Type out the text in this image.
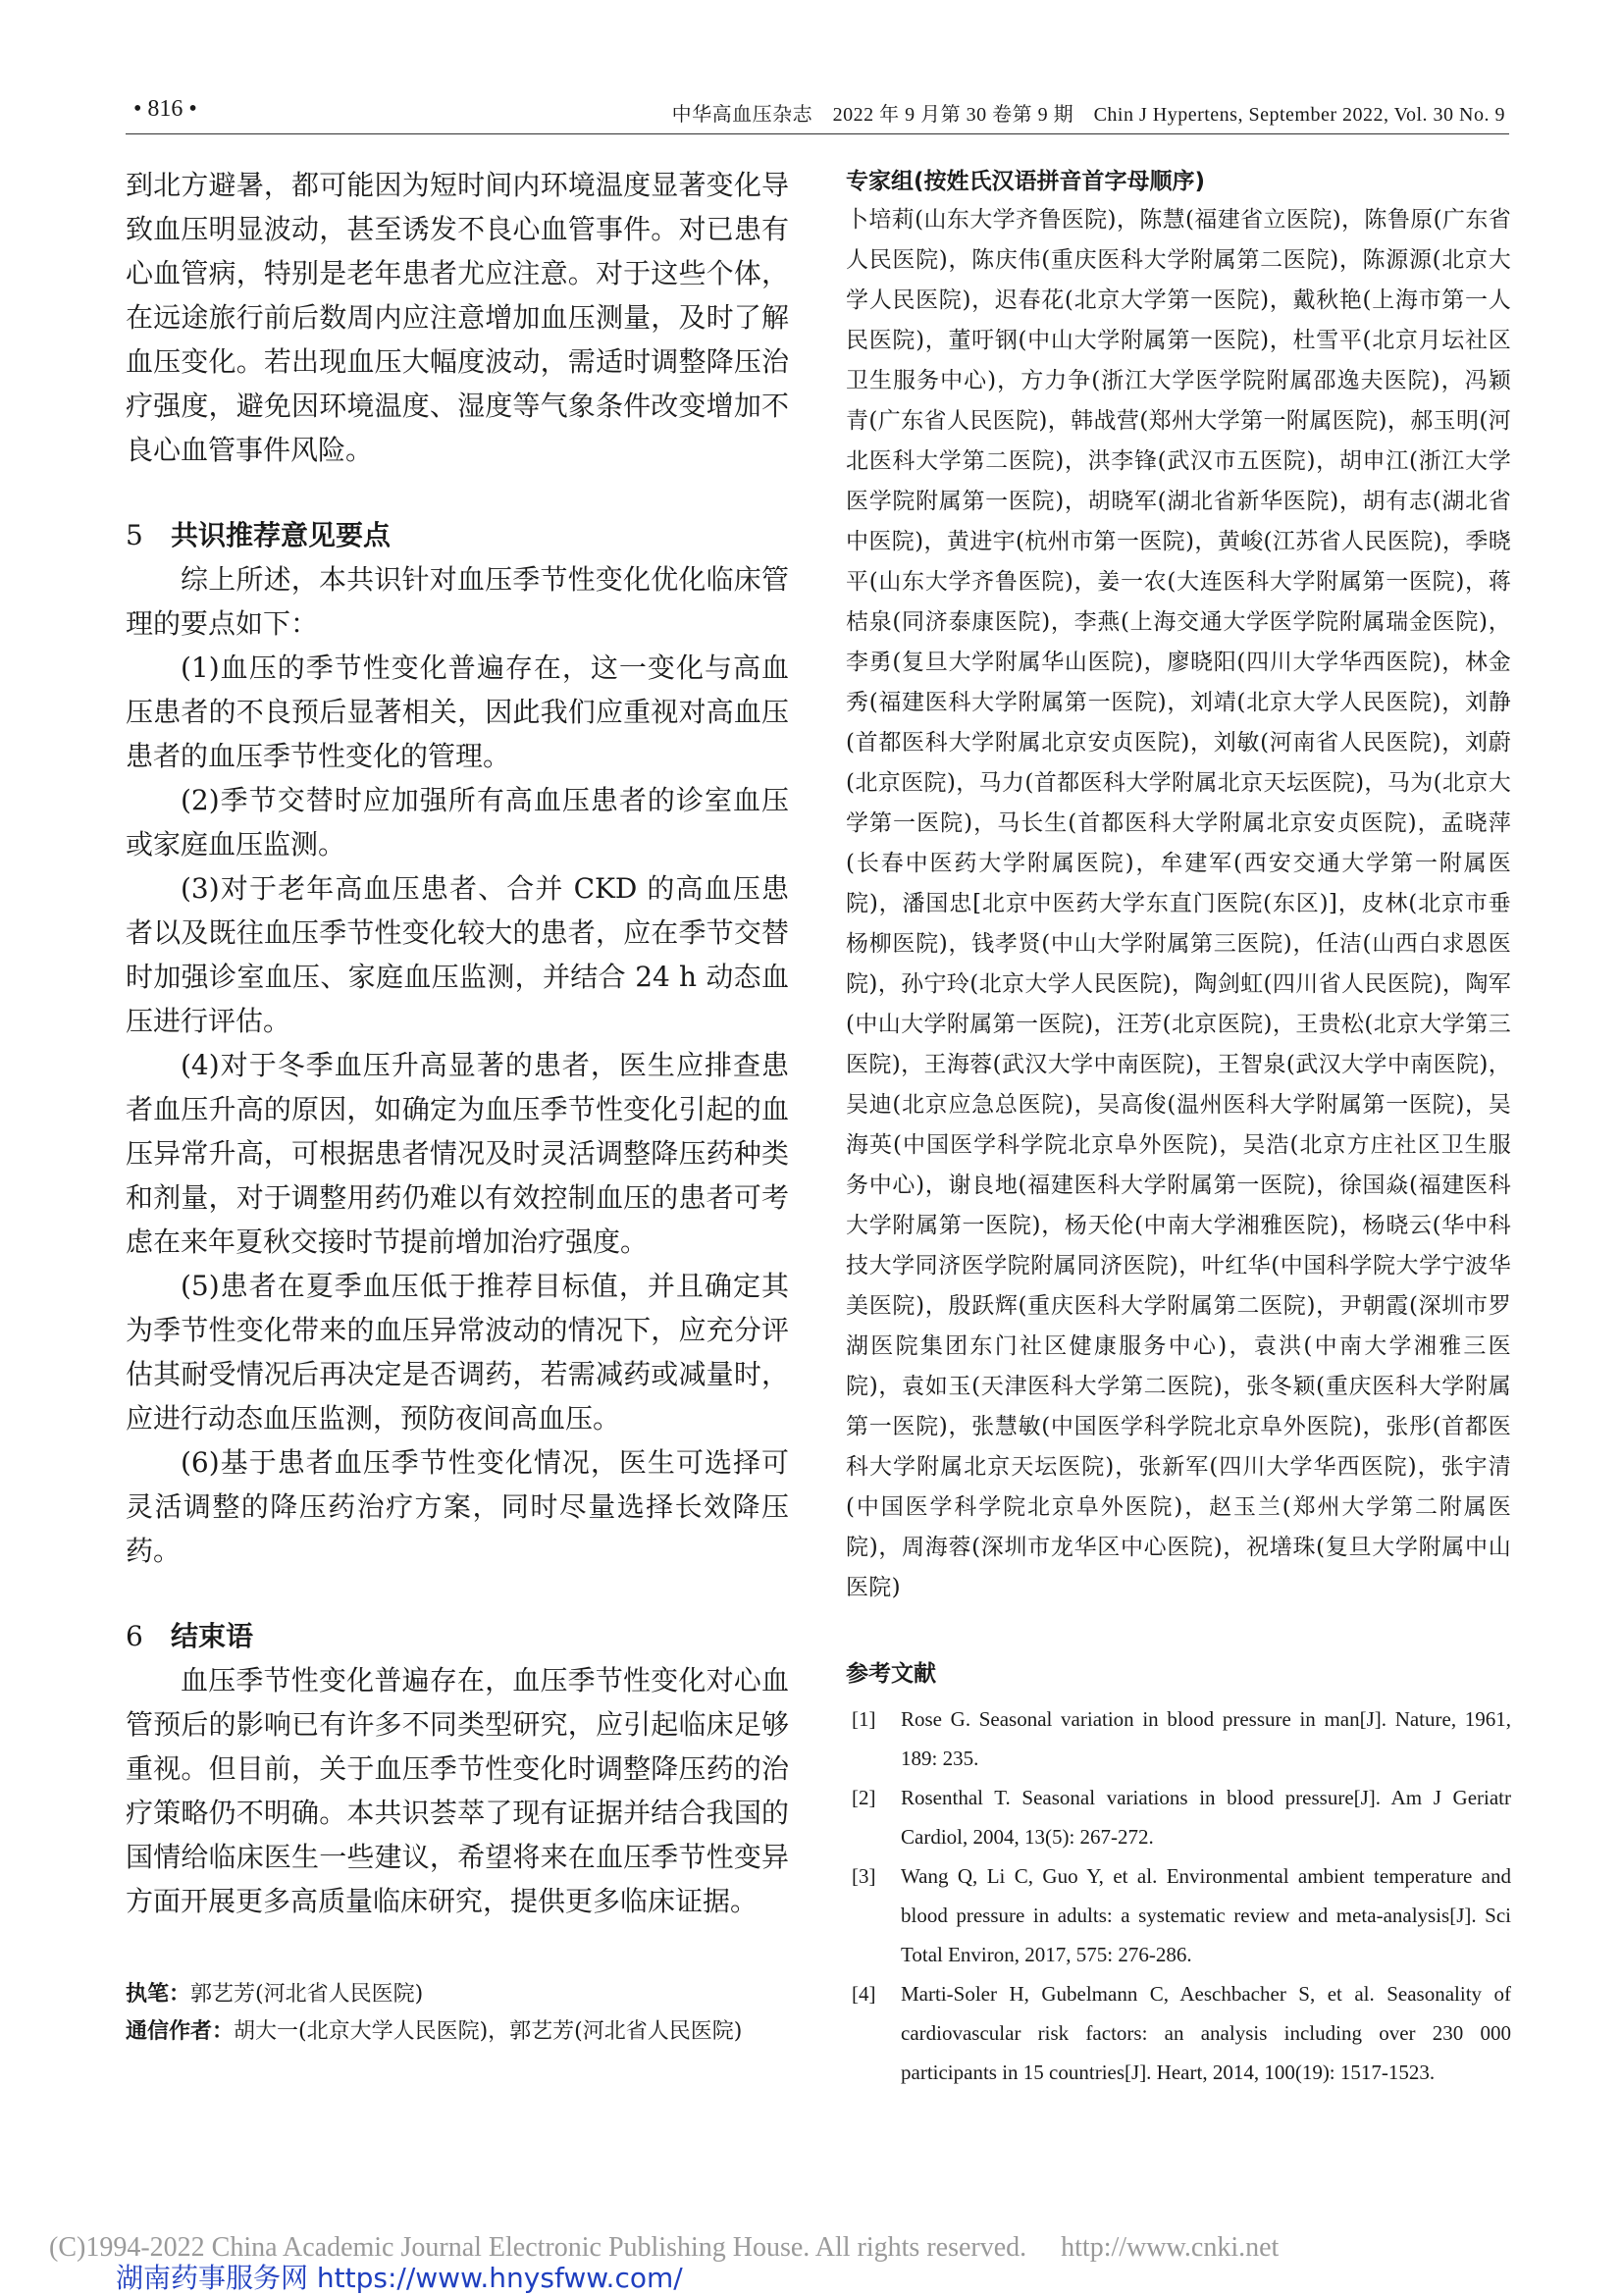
• 816 •	中华高血压杂志　2022 年 9 月第 30 卷第 9 期　Chin J Hypertens, September 2022, Vol. 30 No. 9

到北方避暑，都可能因为短时间内环境温度显著变化导致血压明显波动，甚至诱发不良心血管事件。对已患有心血管病，特别是老年患者尤应注意。对于这些个体，在远途旅行前后数周内应注意增加血压测量，及时了解血压变化。若出现血压大幅度波动，需适时调整降压治疗强度，避免因环境温度、湿度等气象条件改变增加不良心血管事件风险。

5 共识推荐意见要点

综上所述，本共识针对血压季节性变化优化临床管理的要点如下：

(1)血压的季节性变化普遍存在，这一变化与高血压患者的不良预后显著相关，因此我们应重视对高血压患者的血压季节性变化的管理。

(2)季节交替时应加强所有高血压患者的诊室血压或家庭血压监测。

(3)对于老年高血压患者、合并 CKD 的高血压患者以及既往血压季节性变化较大的患者，应在季节交替时加强诊室血压、家庭血压监测，并结合 24 h 动态血压进行评估。

(4)对于冬季血压升高显著的患者，医生应排查患者血压升高的原因，如确定为血压季节性变化引起的血压异常升高，可根据患者情况及时灵活调整降压药种类和剂量，对于调整用药仍难以有效控制血压的患者可考虑在来年夏秋交接时节提前增加治疗强度。

(5)患者在夏季血压低于推荐目标值，并且确定其为季节性变化带来的血压异常波动的情况下，应充分评估其耐受情况后再决定是否调药，若需减药或减量时，应进行动态血压监测，预防夜间高血压。

(6)基于患者血压季节性变化情况，医生可选择可灵活调整的降压药治疗方案，同时尽量选择长效降压药。

6 结束语

血压季节性变化普遍存在，血压季节性变化对心血管预后的影响已有许多不同类型研究，应引起临床足够重视。但目前，关于血压季节性变化时调整降压药的治疗策略仍不明确。本共识荟萃了现有证据并结合我国的国情给临床医生一些建议，希望将来在血压季节性变异方面开展更多高质量临床研究，提供更多临床证据。

执笔：郭艺芳(河北省人民医院)

通信作者：胡大一(北京大学人民医院)，郭艺芳(河北省人民医院)

专家组(按姓氏汉语拼音首字母顺序)

卜培莉(山东大学齐鲁医院)，陈慧(福建省立医院)，陈鲁原(广东省人民医院)，陈庆伟(重庆医科大学附属第二医院)，陈源源(北京大学人民医院)，迟春花(北京大学第一医院)，戴秋艳(上海市第一人民医院)，董吁钢(中山大学附属第一医院)，杜雪平(北京月坛社区卫生服务中心)，方力争(浙江大学医学院附属邵逸夫医院)，冯颖青(广东省人民医院)，韩战营(郑州大学第一附属医院)，郝玉明(河北医科大学第二医院)，洪李锋(武汉市五医院)，胡申江(浙江大学医学院附属第一医院)，胡晓军(湖北省新华医院)，胡有志(湖北省中医院)，黄进宇(杭州市第一医院)，黄峻(江苏省人民医院)，季晓平(山东大学齐鲁医院)，姜一农(大连医科大学附属第一医院)，蒋桔泉(同济泰康医院)，李燕(上海交通大学医学院附属瑞金医院)，李勇(复旦大学附属华山医院)，廖晓阳(四川大学华西医院)，林金秀(福建医科大学附属第一医院)，刘靖(北京大学人民医院)，刘静(首都医科大学附属北京安贞医院)，刘敏(河南省人民医院)，刘蔚(北京医院)，马力(首都医科大学附属北京天坛医院)，马为(北京大学第一医院)，马长生(首都医科大学附属北京安贞医院)，孟晓萍(长春中医药大学附属医院)，牟建军(西安交通大学第一附属医院)，潘国忠[北京中医药大学东直门医院(东区)]，皮林(北京市垂杨柳医院)，钱孝贤(中山大学附属第三医院)，任洁(山西白求恩医院)，孙宁玲(北京大学人民医院)，陶剑虹(四川省人民医院)，陶军(中山大学附属第一医院)，汪芳(北京医院)，王贵松(北京大学第三医院)，王海蓉(武汉大学中南医院)，王智泉(武汉大学中南医院)，吴迪(北京应急总医院)，吴高俊(温州医科大学附属第一医院)，吴海英(中国医学科学院北京阜外医院)，吴浩(北京方庄社区卫生服务中心)，谢良地(福建医科大学附属第一医院)，徐国焱(福建医科大学附属第一医院)，杨天伦(中南大学湘雅医院)，杨晓云(华中科技大学同济医学院附属同济医院)，叶红华(中国科学院大学宁波华美医院)，殷跃辉(重庆医科大学附属第二医院)，尹朝霞(深圳市罗湖医院集团东门社区健康服务中心)，袁洪(中南大学湘雅三医院)，袁如玉(天津医科大学第二医院)，张冬颖(重庆医科大学附属第一医院)，张慧敏(中国医学科学院北京阜外医院)，张彤(首都医科大学附属北京天坛医院)，张新军(四川大学华西医院)，张宇清(中国医学科学院北京阜外医院)，赵玉兰(郑州大学第二附属医院)，周海蓉(深圳市龙华区中心医院)，祝墡珠(复旦大学附属中山医院)

参考文献

[1] Rose G. Seasonal variation in blood pressure in man[J]. Nature, 1961, 189: 235.

[2] Rosenthal T. Seasonal variations in blood pressure[J]. Am J Geriatr Cardiol, 2004, 13(5): 267-272.

[3] Wang Q, Li C, Guo Y, et al. Environmental ambient temperature and blood pressure in adults: a systematic review and meta-analysis[J]. Sci Total Environ, 2017, 575: 276-286.

[4] Marti-Soler H, Gubelmann C, Aeschbacher S, et al. Seasonality of cardiovascular risk factors: an analysis including over 230 000 participants in 15 countries[J]. Heart, 2014, 100(19): 1517-1523.

(C)1994-2022 China Academic Journal Electronic Publishing House. All rights reserved.　 http://www.cnki.net
湖南药事服务网 https://www.hnysfww.com/
